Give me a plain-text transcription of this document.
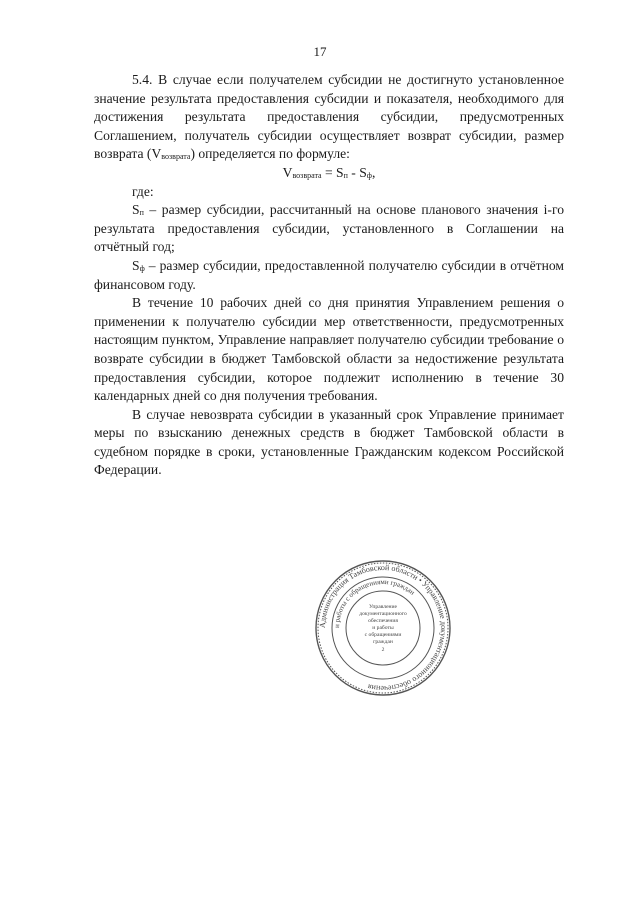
17

5.4. В случае если получателем субсидии не достигнуто установленное значение результата предоставления субсидии и показателя, необходимого для достижения результата предоставления субсидии, предусмотренных Соглашением, получатель субсидии осуществляет возврат субсидии, размер возврата $(V_{возврата})$ определяется по формуле:

$V_{возврата} = S_п - S_ф$,

где:

$S_п$ – размер субсидии, рассчитанный на основе планового значения i-го результата предоставления субсидии, установленного в Соглашении на отчётный год;

$S_ф$ – размер субсидии, предоставленной получателю субсидии в отчётном финансовом году.

В течение 10 рабочих дней со дня принятия Управлением решения о применении к получателю субсидии мер ответственности, предусмотренных настоящим пунктом, Управление направляет получателю субсидии требование о возврате субсидии в бюджет Тамбовской области за недостижение результата предоставления субсидии, которое подлежит исполнению в течение 30 календарных дней со дня получения требования.

В случае невозврата субсидии в указанный срок Управление принимает меры по взысканию денежных средств в бюджет Тамбовской области в судебном порядке в сроки, установленные Гражданским кодексом Российской Федерации.

Администрация Тамбовской области • Управление документационного обеспечения
и работы с обращениями граждан
Управление
документационного
обеспечения
и работы
с обращениями
граждан
2
